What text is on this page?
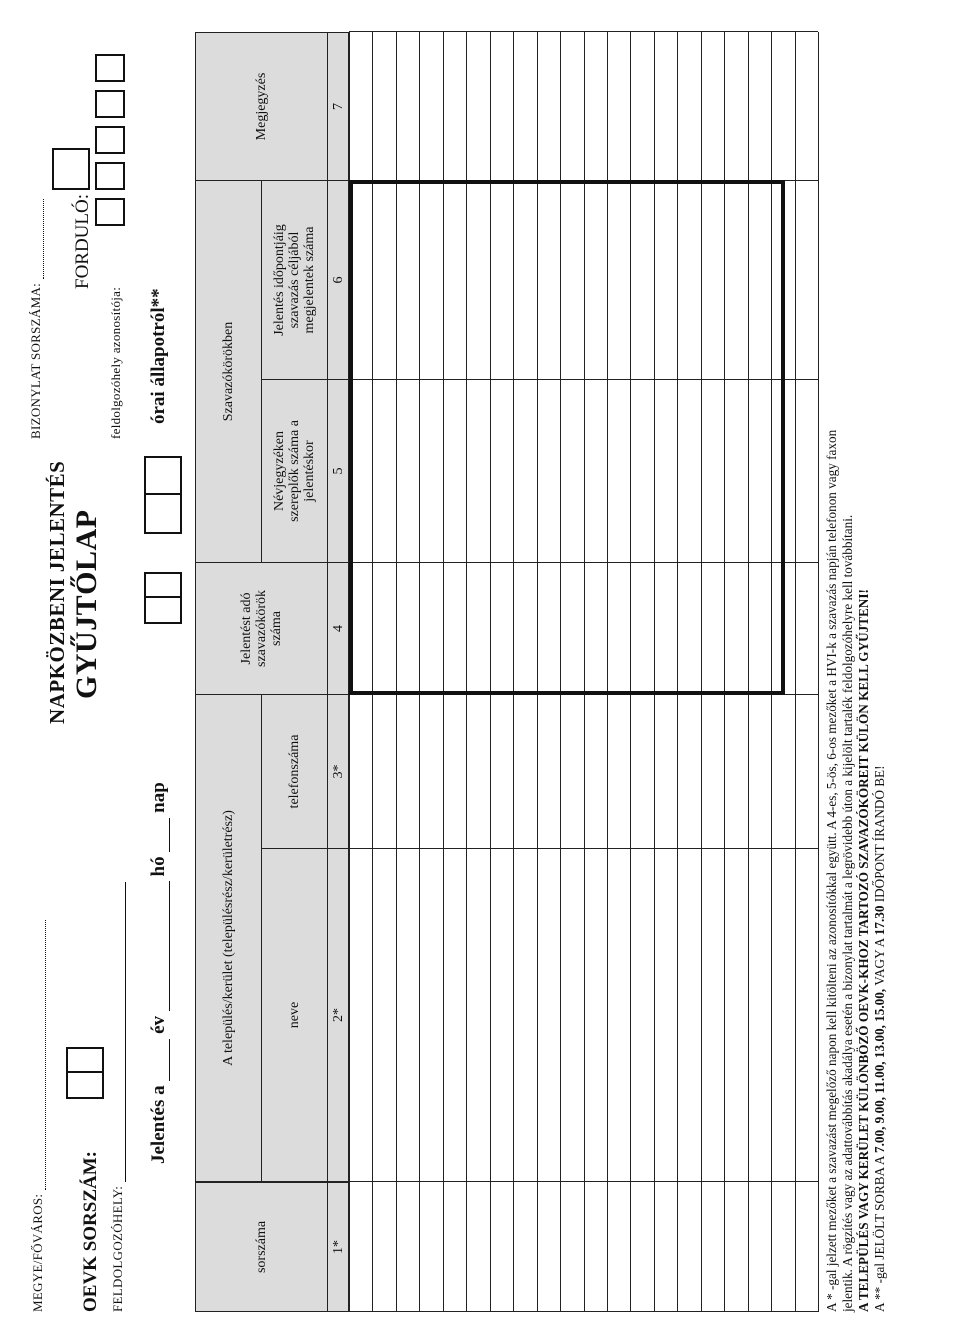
MEGYE/FŐVÁROS: OEVK SORSZÁM: FELDOLGOZÓHELY:
NAPKÖZBENI JELENTÉS GYŰJTŐLAP
BIZONYLAT SORSZÁMA:
FORDULÓ:
feldolgozóhely azonosítója:
Jelentés a  év  hó  nap
órai állapotról**
sorszáma
A település/kerület (településrész/kerületrész)	neve
telefonszáma
Jelentést adó szavazókörök száma
Szavazókörökben
Névjegyzéken szereplők száma a jelentéskor
Jelentés időpontjáig szavazás céljából megjelentek száma
Megjegyzés
1*
2*
3*
4
5
6
7
A * -gal jelzett mezőket a szavazást megelőző napon kell kitölteni az azonosítókkal együtt. A 4-es, 5-ös, 6-os mezőket a HVI-k a szavazás napján telefonon vagy faxon jelentik. A rögzítés vagy az adattovábbítás akadálya esetén a bizonylat tartalmát a legrövidebb úton a kijelölt tartalék feldolgozóhelyre kell továbbítani. A TELEPÜLÉS VAGY KERÜLET KÜLÖNBÖZŐ OEVK-KHOZ TARTOZÓ SZAVAZÓKÖREIT KÜLÖN KELL GYŰJTENI! A ** -gal JELÖLT SORBA A 7.00, 9.00, 11.00, 13.00, 15.00, VAGY A 17.30 IDŐPONT ÍRANDÓ BE!
